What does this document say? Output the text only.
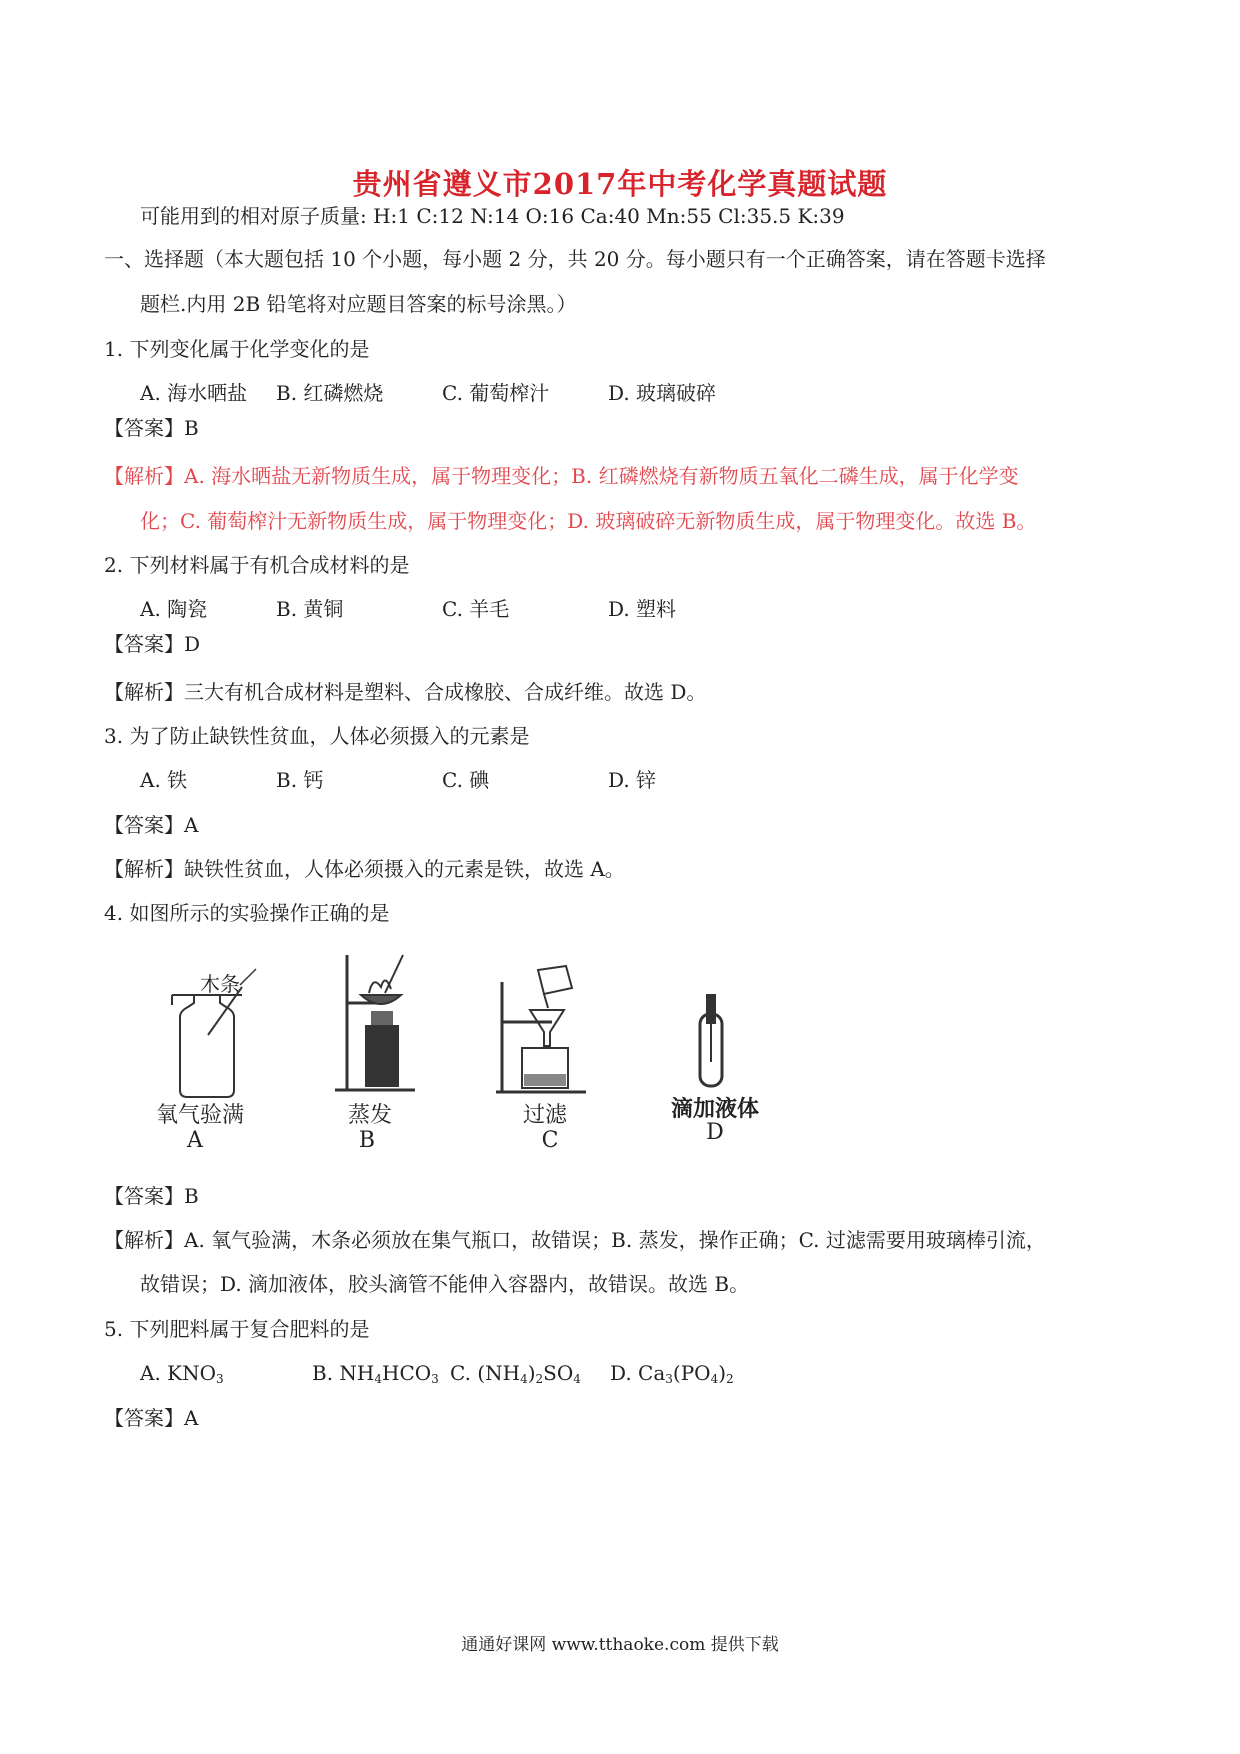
贵州省遵义市2017年中考化学真题试题
可能用到的相对原子质量: H:1 C:12 N:14 O:16 Ca:40 Mn:55 Cl:35.5 K:39
一、选择题（本大题包括 10 个小题，每小题 2 分，共 20 分。每小题只有一个正确答案，请在答题卡选择
题栏.内用 2B 铅笔将对应题目答案的标号涂黑。）
1. 下列变化属于化学变化的是
A. 海水晒盐 B. 红磷燃烧	C. 葡萄榨汁	D. 玻璃破碎
【答案】B
【解析】A. 海水晒盐无新物质生成，属于物理变化；B. 红磷燃烧有新物质五氧化二磷生成，属于化学变
化；C. 葡萄榨汁无新物质生成，属于物理变化；D. 玻璃破碎无新物质生成，属于物理变化。故选 B。
2. 下列材料属于有机合成材料的是
A. 陶瓷	B. 黄铜	C. 羊毛	D. 塑料
【答案】D
【解析】三大有机合成材料是塑料、合成橡胶、合成纤维。故选 D。
3. 为了防止缺铁性贫血，人体必须摄入的元素是
A. 铁	B. 钙	C. 碘	D. 锌
【答案】A
【解析】缺铁性贫血，人体必须摄入的元素是铁，故选 A。
4. 如图所示的实验操作正确的是
木条
氧气验满
A
蒸发
B
过滤
C
滴加液体
D
【答案】B
【解析】A. 氧气验满，木条必须放在集气瓶口，故错误；B. 蒸发，操作正确；C. 过滤需要用玻璃棒引流，
故错误；D. 滴加液体，胶头滴管不能伸入容器内，故错误。故选 B。
5. 下列肥料属于复合肥料的是
A. $KNO_3$	B. $NH_4HCO_3$ C. $(NH_4)_2SO_4$ D. $Ca_3(PO_4)_2$
【答案】A
通通好课网 www.tthaoke.com 提供下载
